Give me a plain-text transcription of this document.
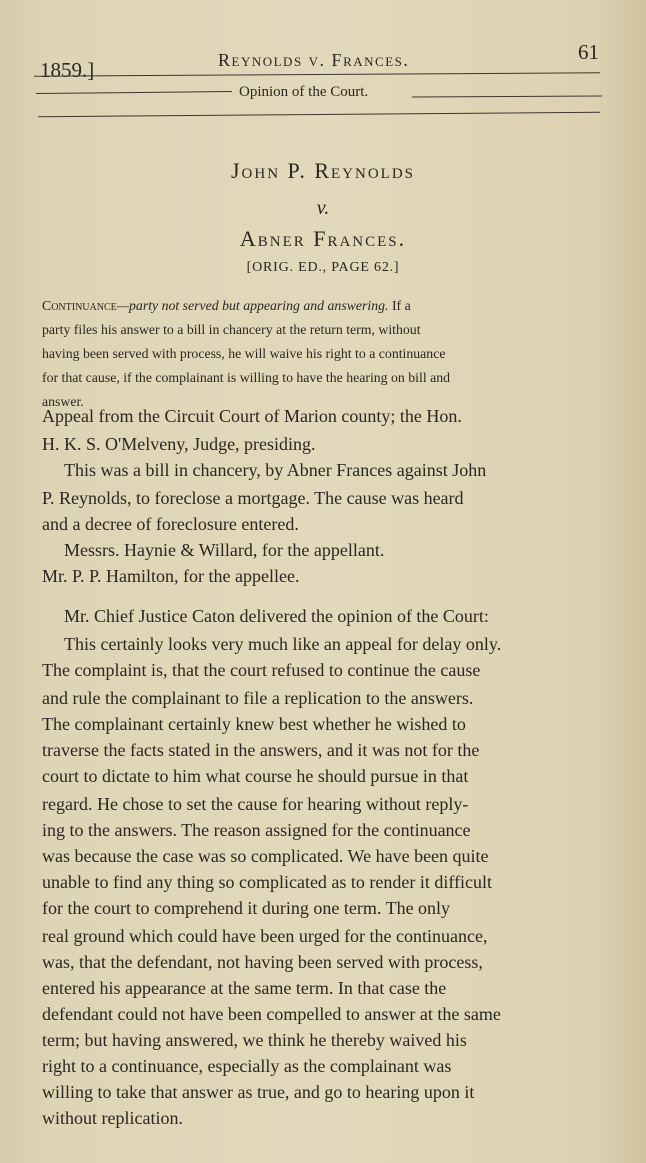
1859.]	Reynolds v. Frances.	61
Opinion of the Court.
John P. Reynolds
v.
Abner Frances.
[ORIG. ED., PAGE 62.]
Continuance—party not served but appearing and answering. If a
party files his answer to a bill in chancery at the return term, without
having been served with process, he will waive his right to a continuance
for that cause, if the complainant is willing to have the hearing on bill and
answer.
Appeal from the Circuit Court of Marion county; the Hon.
H. K. S. O'Melveny, Judge, presiding.
This was a bill in chancery, by Abner Frances against John
P. Reynolds, to foreclose a mortgage. The cause was heard
and a decree of foreclosure entered.
Messrs. Haynie & Willard, for the appellant.
Mr. P. P. Hamilton, for the appellee.
Mr. Chief Justice Caton delivered the opinion of the Court:
This certainly looks very much like an appeal for delay only.
The complaint is, that the court refused to continue the cause
and rule the complainant to file a replication to the answers.
The complainant certainly knew best whether he wished to
traverse the facts stated in the answers, and it was not for the
court to dictate to him what course he should pursue in that
regard. He chose to set the cause for hearing without reply-
ing to the answers. The reason assigned for the continuance
was because the case was so complicated. We have been quite
unable to find any thing so complicated as to render it difficult
for the court to comprehend it during one term. The only
real ground which could have been urged for the continuance,
was, that the defendant, not having been served with process,
entered his appearance at the same term. In that case the
defendant could not have been compelled to answer at the same
term; but having answered, we think he thereby waived his
right to a continuance, especially as the complainant was
willing to take that answer as true, and go to hearing upon it
without replication.
